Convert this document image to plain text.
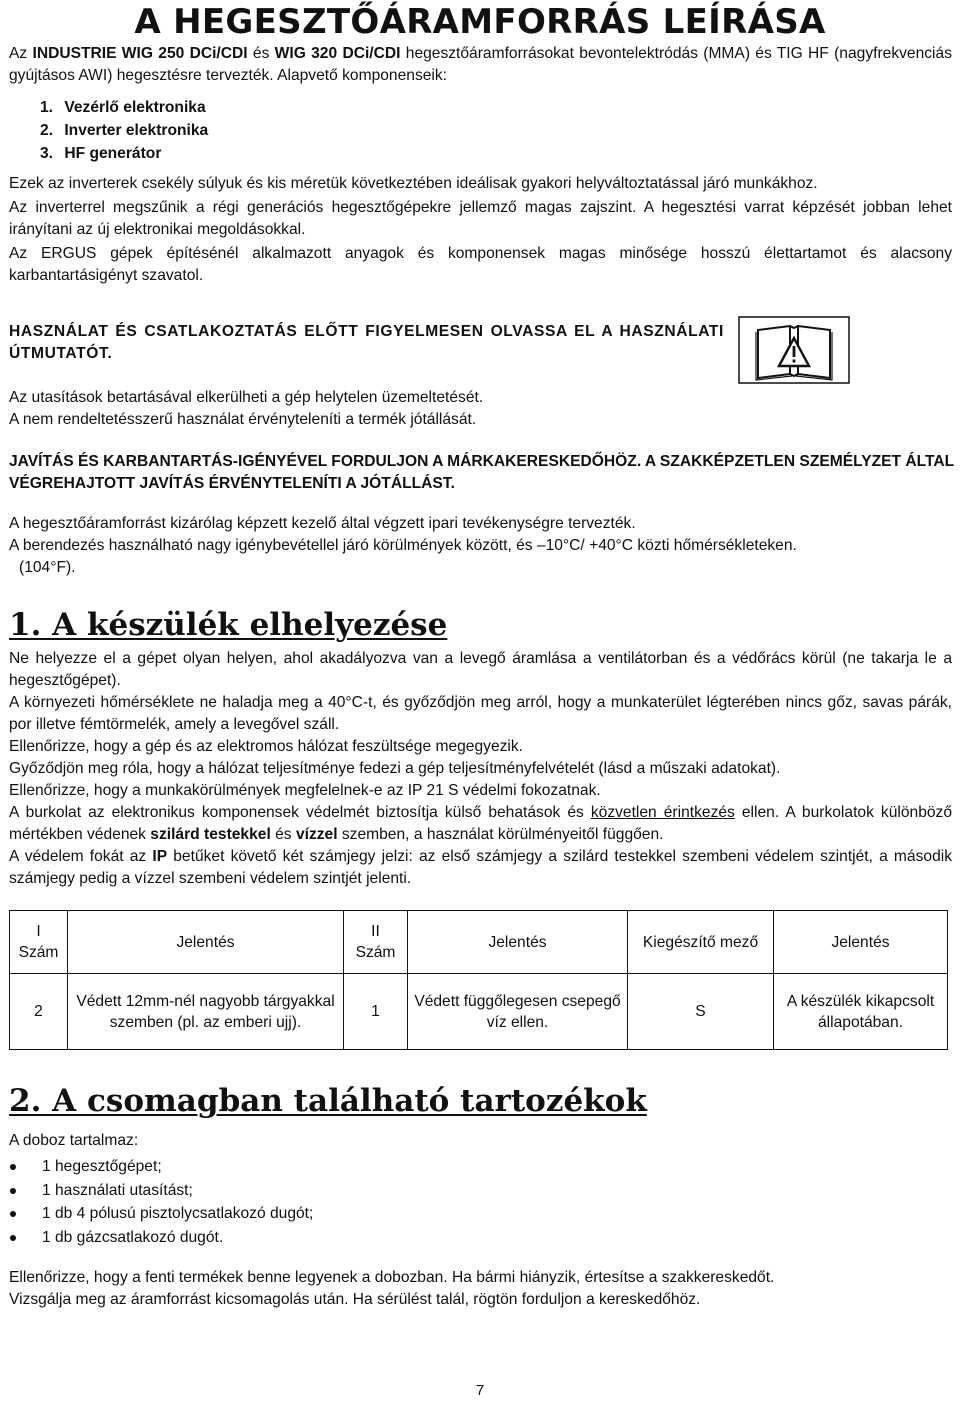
A HEGESZTŐÁRAMFORRÁS LEÍRÁSA

Az INDUSTRIE WIG 250 DCi/CDI és WIG 320 DCi/CDI hegesztőáramforrásokat bevontelektródás (MMA) és TIG HF (nagyfrekvenciás gyújtásos AWI) hegesztésre tervezték. Alapvető komponenseik:

1. Vezérlő elektronika
2. Inverter elektronika
3. HF generátor

Ezek az inverterek csekély súlyuk és kis méretük következtében ideálisak gyakori helyváltoztatással járó munkákhoz.

Az inverterrel megszűnik a régi generációs hegesztőgépekre jellemző magas zajszint. A hegesztési varrat képzését jobban lehet irányítani az új elektronikai megoldásokkal.

Az ERGUS gépek építésénél alkalmazott anyagok és komponensek magas minősége hosszú élettartamot és alacsony karbantartásigényt szavatol.

HASZNÁLAT ÉS CSATLAKOZTATÁS ELŐTT FIGYELMESEN OLVASSA EL A HASZNÁLATI ÚTMUTATÓT.

Az utasítások betartásával elkerülheti a gép helytelen üzemeltetését.

A nem rendeltetésszerű használat érvényteleníti a termék jótállását.

JAVÍTÁS ÉS KARBANTARTÁS-IGÉNYÉVEL FORDULJON A MÁRKAKERESKEDŐHÖZ. A SZAKKÉPZETLEN SZEMÉLYZET ÁLTAL VÉGREHAJTOTT JAVÍTÁS ÉRVÉNYTELENÍTI A JÓTÁLLÁST.

A hegesztőáramforrást kizárólag képzett kezelő által végzett ipari tevékenységre tervezték.

A berendezés használható nagy igénybevétellel járó körülmények között, és –10°C/ +40°C közti hőmérsékleteken.

(104°F).

1. A készülék elhelyezése

Ne helyezze el a gépet olyan helyen, ahol akadályozva van a levegő áramlása a ventilátorban és a védőrács körül (ne takarja le a hegesztőgépet).

A környezeti hőmérséklete ne haladja meg a 40°C-t, és győződjön meg arról, hogy a munkaterület légterében nincs gőz, savas párák, por illetve fémtörmelék, amely a levegővel száll.

Ellenőrizze, hogy a gép és az elektromos hálózat feszültsége megegyezik.

Győződjön meg róla, hogy a hálózat teljesítménye fedezi a gép teljesítményfelvételét (lásd a műszaki adatokat).

Ellenőrizze, hogy a munkakörülmények megfelelnek-e az IP 21 S védelmi fokozatnak.

A burkolat az elektronikus komponensek védelmét biztosítja külső behatások és közvetlen érintkezés ellen. A burkolatok különböző mértékben védenek szilárd testekkel és vízzel szemben, a használat körülményeitől függően.

A védelem fokát az IP betűket követő két számjegy jelzi: az első számjegy a szilárd testekkel szembeni védelem szintjét, a második számjegy pedig a vízzel szembeni védelem szintjét jelenti.

I Szám	Jelentés	II Szám	Jelentés	Kiegészítő mező	Jelentés
2	Védett 12mm-nél nagyobb tárgyakkal szemben (pl. az emberi ujj).	1	Védett függőlegesen csepegő víz ellen.	S	A készülék kikapcsolt állapotában.
2. A csomagban található tartozékok

A doboz tartalmaz:

1 hegesztőgépet;
1 használati utasítást;
1 db 4 pólusú pisztolycsatlakozó dugót;
1 db gázcsatlakozó dugót.

Ellenőrizze, hogy a fenti termékek benne legyenek a dobozban. Ha bármi hiányzik, értesítse a szakkereskedőt.

Vizsgálja meg az áramforrást kicsomagolás után. Ha sérülést talál, rögtön forduljon a kereskedőhöz.

7
